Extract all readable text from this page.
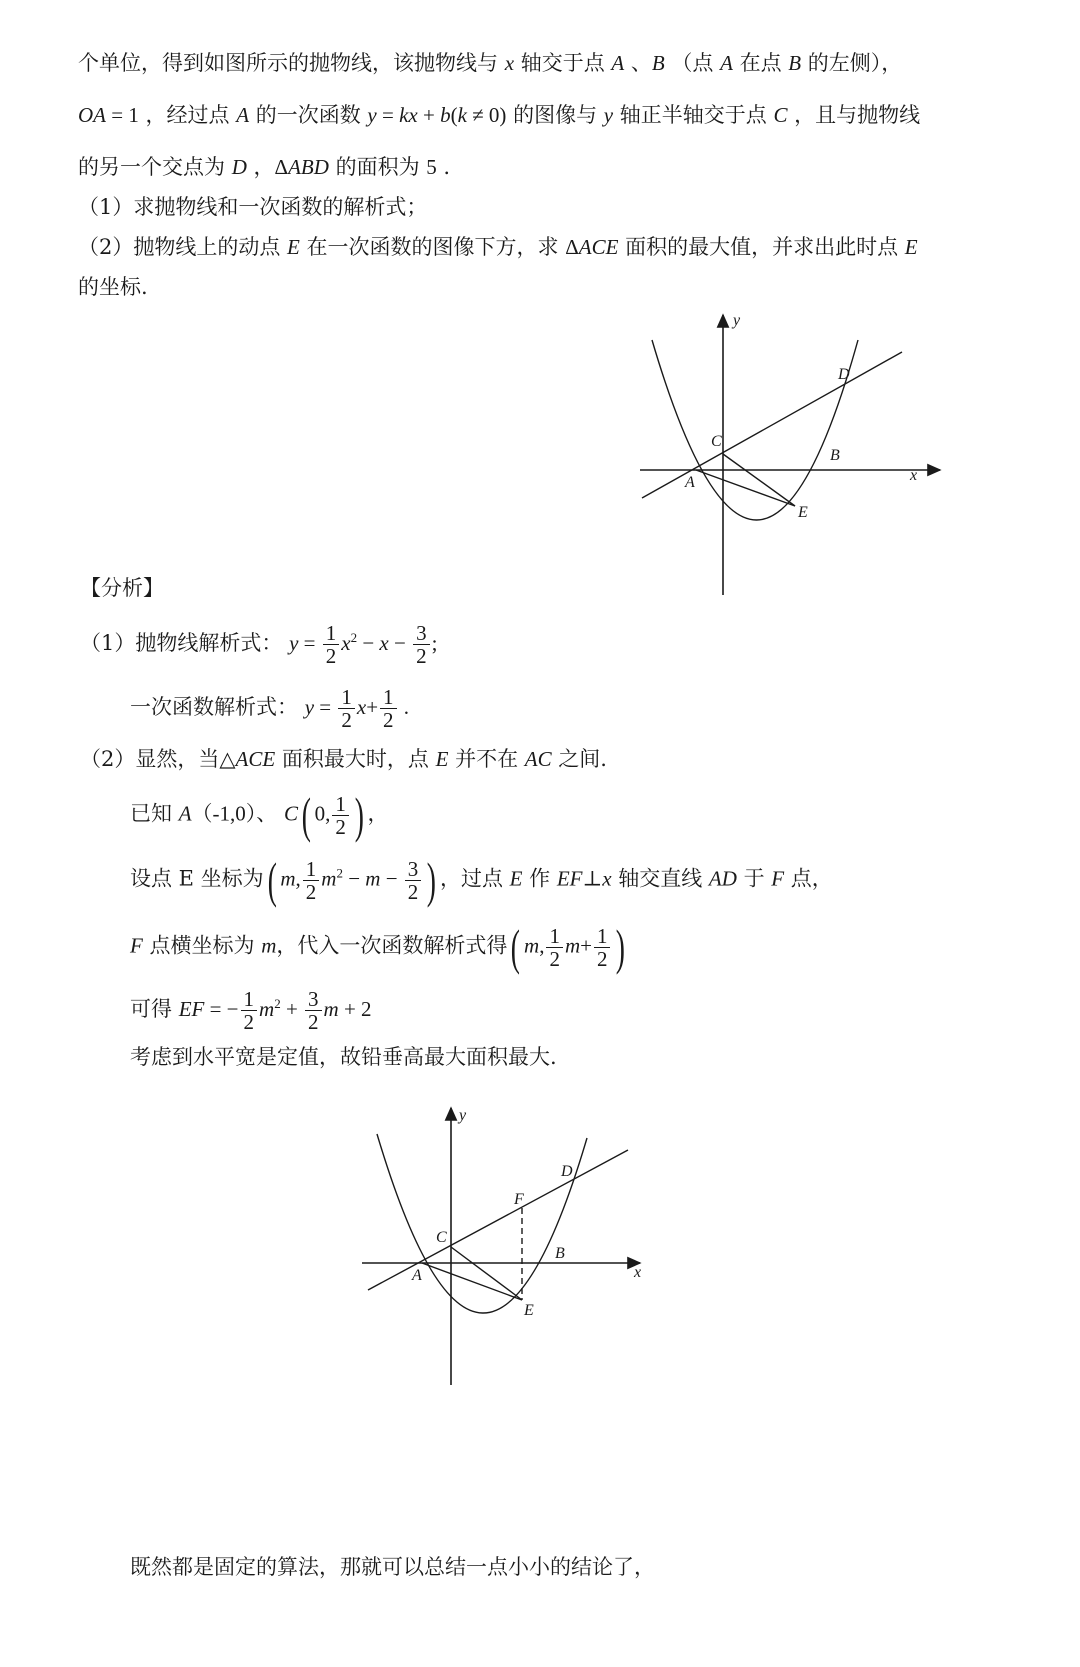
个单位，得到如图所示的抛物线，该抛物线与 x 轴交于点 A 、B （点 A 在点 B 的左侧），
OA = 1 ，经过点 A 的一次函数 y = kx + b(k ≠ 0) 的图像与 y 轴正半轴交于点 C ，且与抛物线
的另一个交点为 D ，ΔABD 的面积为 5 .
（1）求抛物线和一次函数的解析式；
（2）抛物线上的动点 E 在一次函数的图像下方，求 ΔACE 面积的最大值，并求出此时点 E
的坐标.
y
x
A
B
C
D
E
【分析】
（1）抛物线解析式： $y = \frac{1}{2} x^2 - x - \frac{3}{2}$ ;
一次函数解析式： $y = \frac{1}{2} x+ \frac{1}{2}$ .
（2）显然，当△ACE 面积最大时，点 E 并不在 AC 之间.
已知 A（-1,0）、 C( 0, $\frac{1}{2}$ ) ，
设点 E 坐标为( m, $\frac{1}{2} m^2 - m - \frac{3}{2}$ ) ，过点 E 作 EF⊥x 轴交直线 AD 于 F 点，
F 点横坐标为 m，代入一次函数解析式得( m, $\frac{1}{2} m+ \frac{1}{2}$ )
可得 EF = − $\frac{1}{2} m^2 + \frac{3}{2}$ m + 2
考虑到水平宽是定值，故铅垂高最大面积最大.
y
x
A
B
C
D
E
F
既然都是固定的算法，那就可以总结一点小小的结论了，
